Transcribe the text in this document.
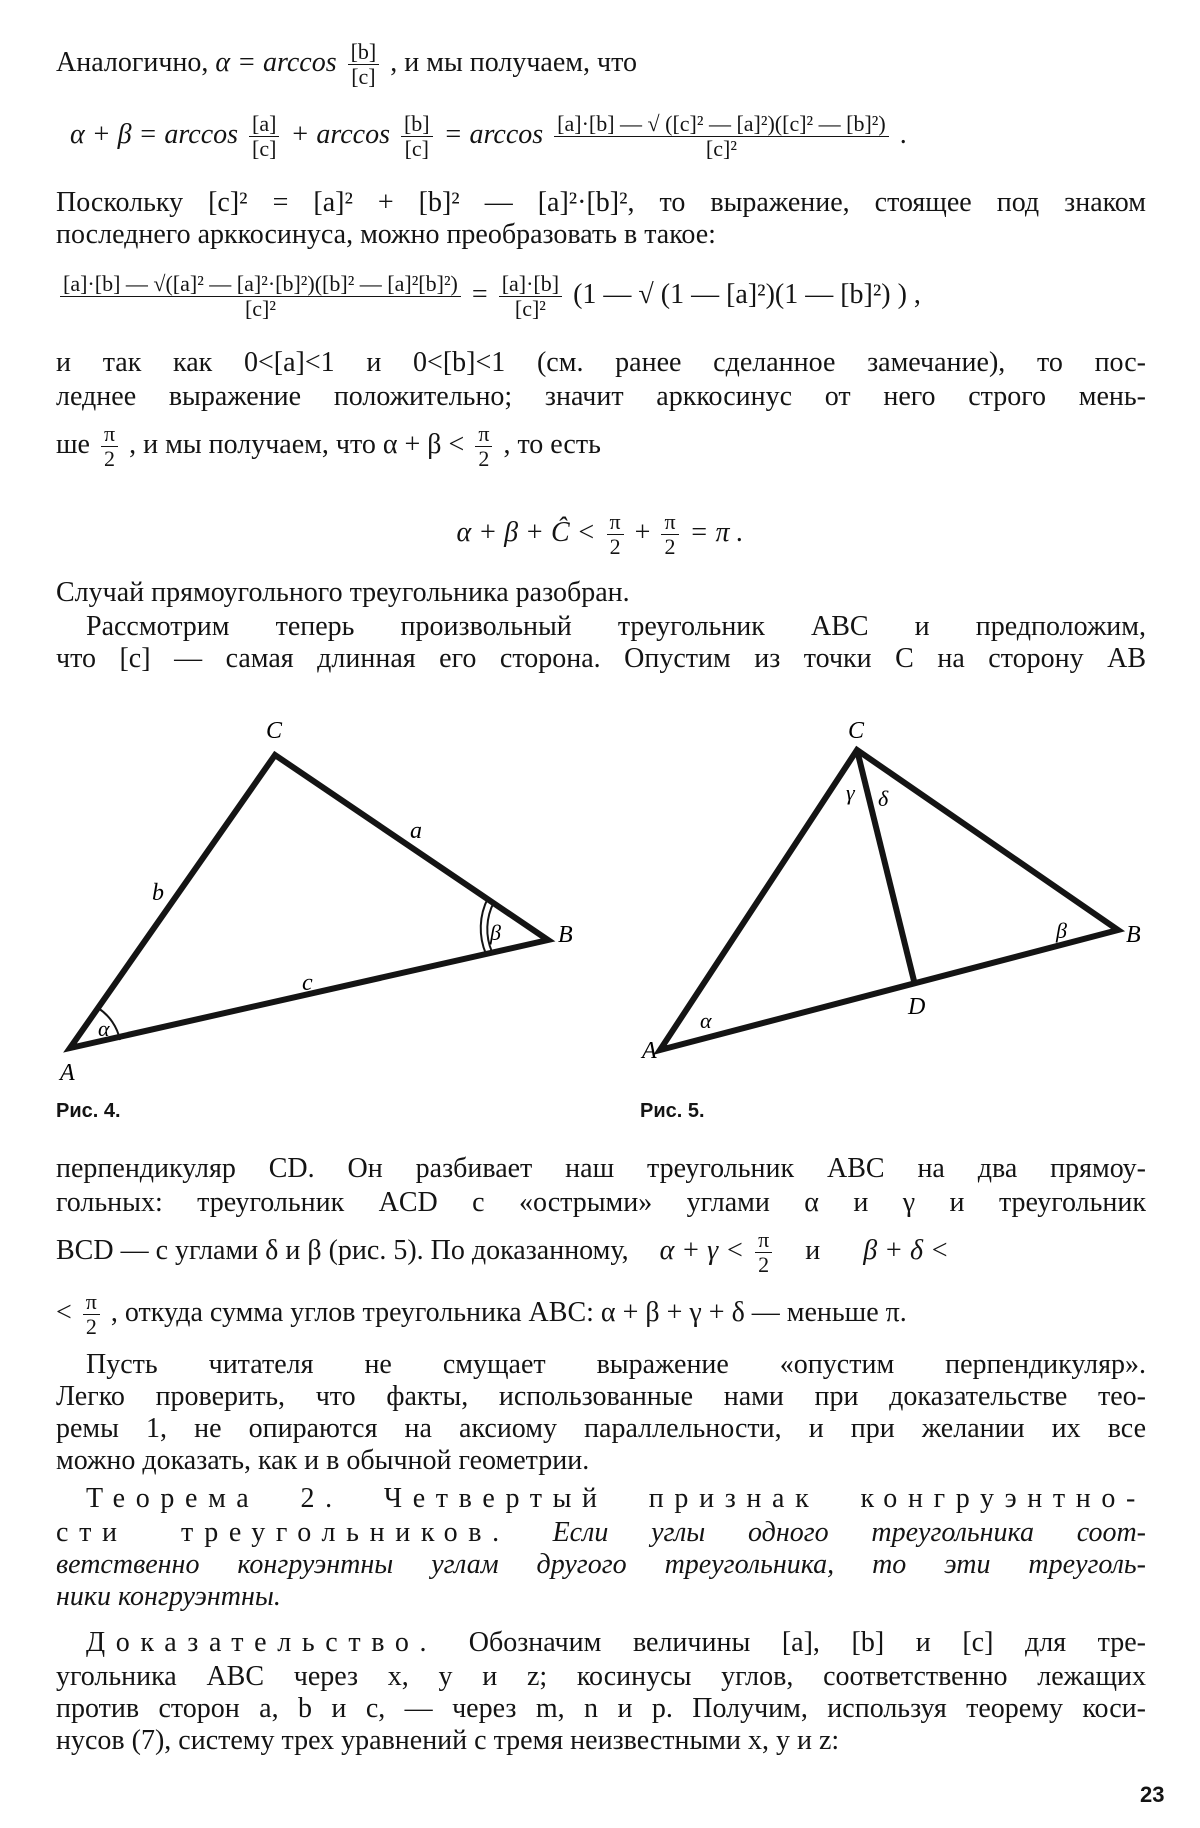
Аналогично, $\alpha = \arccos \frac{[b]}{[c]}$ , и мы получаем, что
$\alpha + \beta = \arccos \frac{[a]}{[c]} + \arccos \frac{[b]}{[c]} = \arccos \frac{\text{[a]·[b] — √ ([c]² — [a]²)([c]² — [b]²)}}{\text{[c]²}}$ .
Поскольку [c]² = [a]² + [b]² — [a]²·[b]², то выражение, стоящее под знаком
последнего арккосинуса, можно преобразовать в такое:
$\frac{\text{[a]·[b] — √([a]² — [a]²·[b]²)([b]² — [a]²[b]²)}}{\text{[c]²}} = \frac{[a]\cdot[b]}{\text{[c]²}} (1$ — √ (1 — [a]²)(1 — [b]²) ) ,
и так как 0<[a]<1 и 0<[b]<1 (см. ранее сделанное замечание), то пос-
леднее выражение положительно; значит арккосинус от него строго мень-
ше $\frac{\pi}{2}$ , и мы получаем, что $\alpha + \beta < \frac{\pi}{2}$ , то есть
α + β + Ĉ < $\frac{\pi}{2} + \frac{\pi}{2} = \pi$ .
Случай прямоугольного треугольника разобран.
Рассмотрим теперь произвольный треугольник ABC и предположим,
что [c] — самая длинная его сторона. Опустим из точки C на сторону AB
C
A
B
a
b
c
α
β
C
A
B
D
γ δ
α
β
Рис. 4.	Рис. 5.
перпендикуляр CD. Он разбивает наш треугольник ABC на два прямоу-
гольных: треугольник ACD с «острыми» углами α и γ и треугольник
BCD — с углами δ и β (рис. 5). По доказанному, $\alpha + \gamma < \frac{\pi}{2}$ и β + δ <
< $\frac{\pi}{2}$ , откуда сумма углов треугольника ABC: α + β + γ + δ — меньше π.
Пусть читателя не смущает выражение «опустим перпендикуляр».
Легко проверить, что факты, использованные нами при доказательстве тео-
ремы 1, не опираются на аксиому параллельности, и при желании их все
можно доказать, как и в обычной геометрии.
Теорема 2. Четвертый признак конгруэнтно-
сти треугольников. Если углы одного треугольника соот-
ветственно конгруэнтны углам другого треугольника, то эти треуголь-
ники конгруэнтны.
Доказательство. Обозначим величины [a], [b] и [c] для тре-
угольника ABC через x, y и z; косинусы углов, соответственно лежащих
против сторон a, b и c, — через m, n и p. Получим, используя теорему коси-
нусов (7), систему трех уравнений с тремя неизвестными x, y и z:
23
